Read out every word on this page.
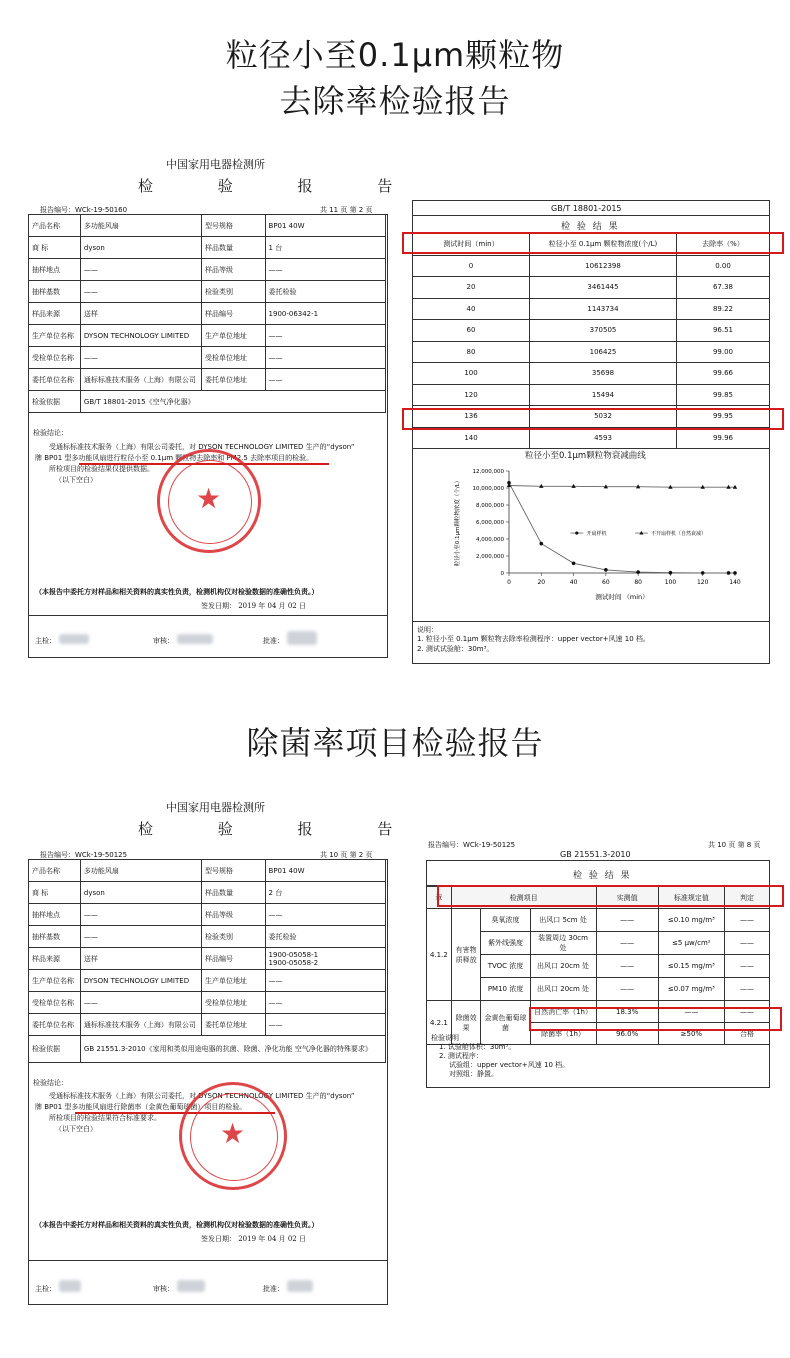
粒径小至0.1μm颗粒物
去除率检验报告
中国家用电器检测所
检 验 报 告
报告编号：WCk-19-50160	共 11 页 第 2 页
产品名称	多功能风扇	型号规格	BP01 40W
商 标	dyson	样品数量	1 台
抽样地点	——	样品等级	——
抽样基数	——	检验类别	委托检验
样品来源	送样	样品编号	1900-06342-1
生产单位名称	DYSON TECHNOLOGY LIMITED	生产单位地址	——
受检单位名称	——	受检单位地址	——
委托单位名称	通标标准技术服务（上海）有限公司	委托单位地址	——
检验依据	GB/T 18801-2015《空气净化器》		
检验结论：
受通标标准技术服务（上海）有限公司委托，对 DYSON TECHNOLOGY LIMITED 生产的“dyson”
牌 BP01 型多功能风扇进行粒径小至 0.1μm 颗粒物去除率和 PM2.5 去除率项目的检验。
所检项目的检验结果仅提供数据。
（以下空白）
★
（本报告中委托方对样品和相关资料的真实性负责，检测机构仅对检验数据的准确性负责。）
签发日期： 2019 年 04 月 02 日
主检：	审核：	批准：
GB/T 18801-2015
检 验 结 果
测试时间（min）	粒径小至 0.1μm 颗粒物浓度(个/L)	去除率（%）
0	10612398	0.00
20	3461445	67.38
40	1143734	89.22
60	370505	96.51
80	106425	99.00
100	35698	99.66
120	15494	99.85
136	5032	99.95
140	4593	99.96
粒径小至0.1μm颗粒物衰减曲线
0	20	40	60	80	100	120	140
0
2,000,000
4,000,000
6,000,000
8,000,000
10,000,000
12,000,000
测试时间 （min）
粒径小至0.1μm颗粒物浓度（个/L）	开扇样机	不开扇样机（自然衰减）
说明：
1. 粒径小至 0.1μm 颗粒物去除率检测程序：upper vector+风速 10 档。
2. 测试试验舱：30m³。
除菌率项目检验报告
中国家用电器检测所
检 验 报 告
报告编号：WCk-19-50125	共 10 页 第 2 页
产品名称	多功能风扇	型号规格	BP01 40W
商 标	dyson	样品数量	2 台
抽样地点	——	样品等级	——
抽样基数	——	检验类别	委托检验
样品来源	送样	样品编号	1900-05058-1
1900-05058-2
生产单位名称	DYSON TECHNOLOGY LIMITED	生产单位地址	——
受检单位名称	——	受检单位地址	——
委托单位名称	通标标准技术服务（上海）有限公司	委托单位地址	——
检验依据	GB 21551.3-2010《家用和类似用途电器的抗菌、除菌、净化功能 空气净化器的特殊要求》		
检验结论：
受通标标准技术服务（上海）有限公司委托，对 DYSON TECHNOLOGY LIMITED 生产的“dyson”
牌 BP01 型多功能风扇进行除菌率（金黄色葡萄球菌）项目的检验。
所检项目的检验结果符合标准要求。
（以下空白）	★
（本报告中委托方对样品和相关资料的真实性负责，检测机构仅对检验数据的准确性负责。）
签发日期： 2019 年 04 月 02 日
主检：	审核：	批准：
报告编号：WCk-19-50125	共 10 页 第 8 页
GB 21551.3-2010
检 验 结 果
章	检测项目			实测值	标准规定值	判定
4.1.2	有害物质释放	臭氧浓度	出风口 5cm 处	——	≤0.10 mg/m³	——
		紫外线强度	装置周边 30cm 处	——	≤5 μw/cm²	——
		TVOC 浓度	出风口 20cm 处	——	≤0.15 mg/m³	——
		PM10 浓度	出风口 20cm 处	——	≤0.07 mg/m³	——
4.2.1	除菌效果	金黄色葡萄球菌	自然消亡率（1h）	18.3%	——	——
			除菌率（1h）	96.0%	≥50%	合格
检验说明
1. 试验舱体积：30m³。
2. 测试程序：
试验组：upper vector+风速 10 档。
对照组：静置。
